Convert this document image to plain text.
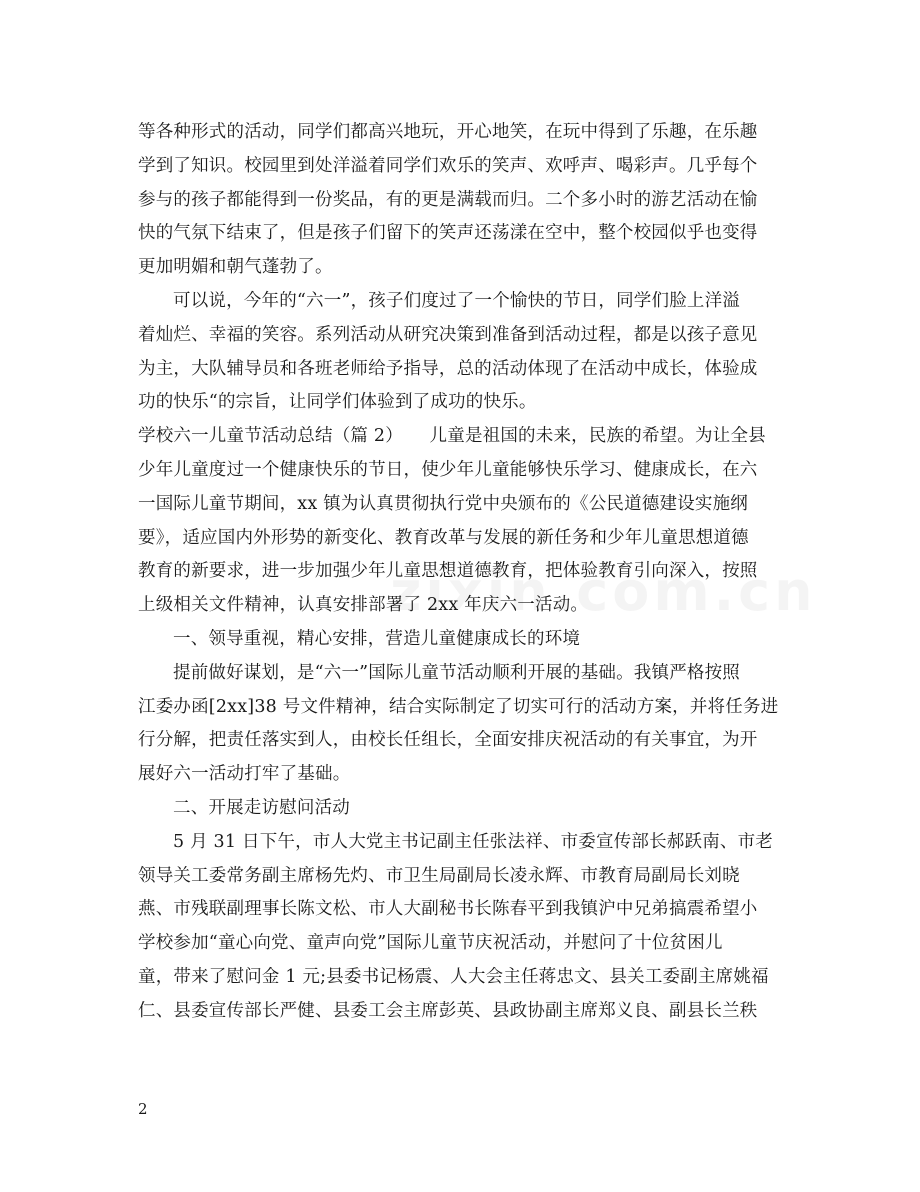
等各种形式的活动，同学们都高兴地玩，开心地笑，在玩中得到了乐趣，在乐趣
学到了知识。校园里到处洋溢着同学们欢乐的笑声、欢呼声、喝彩声。几乎每个
参与的孩子都能得到一份奖品，有的更是满载而归。二个多小时的游艺活动在愉
快的气氛下结束了，但是孩子们留下的笑声还荡漾在空中，整个校园似乎也变得
更加明媚和朝气蓬勃了。
可以说，今年的“六一”，孩子们度过了一个愉快的节日，同学们脸上洋溢
着灿烂、幸福的笑容。系列活动从研究决策到准备到活动过程，都是以孩子意见
为主，大队辅导员和各班老师给予指导，总的活动体现了在活动中成长，体验成
功的快乐“的宗旨，让同学们体验到了成功的快乐。
学校六一儿童节活动总结（篇 2）　　儿童是祖国的未来，民族的希望。为让全县
少年儿童度过一个健康快乐的节日，使少年儿童能够快乐学习、健康成长，在六
一国际儿童节期间，xx 镇为认真贯彻执行党中央颁布的《公民道德建设实施纲
要》，适应国内外形势的新变化、教育改革与发展的新任务和少年儿童思想道德
教育的新要求，进一步加强少年儿童思想道德教育，把体验教育引向深入，按照
上级相关文件精神，认真安排部署了 2xx 年庆六一活动。
一、领导重视，精心安排，营造儿童健康成长的环境
提前做好谋划，是“六一”国际儿童节活动顺利开展的基础。我镇严格按照
江委办函[2xx]38 号文件精神，结合实际制定了切实可行的活动方案，并将任务进
行分解，把责任落实到人，由校长任组长，全面安排庆祝活动的有关事宜，为开
展好六一活动打牢了基础。
二、开展走访慰问活动
5 月 31 日下午，市人大党主书记副主任张法祥、市委宣传部长郝跃南、市老
领导关工委常务副主席杨先灼、市卫生局副局长凌永辉、市教育局副局长刘晓
燕、市残联副理事长陈文松、市人大副秘书长陈春平到我镇沪中兄弟搞震希望小
学校参加“童心向党、童声向党”国际儿童节庆祝活动，并慰问了十位贫困儿
童，带来了慰问金 1 元;县委书记杨震、人大会主任蒋忠文、县关工委副主席姚福
仁、县委宣传部长严健、县委工会主席彭英、县政协副主席郑义良、副县长兰秩
2
